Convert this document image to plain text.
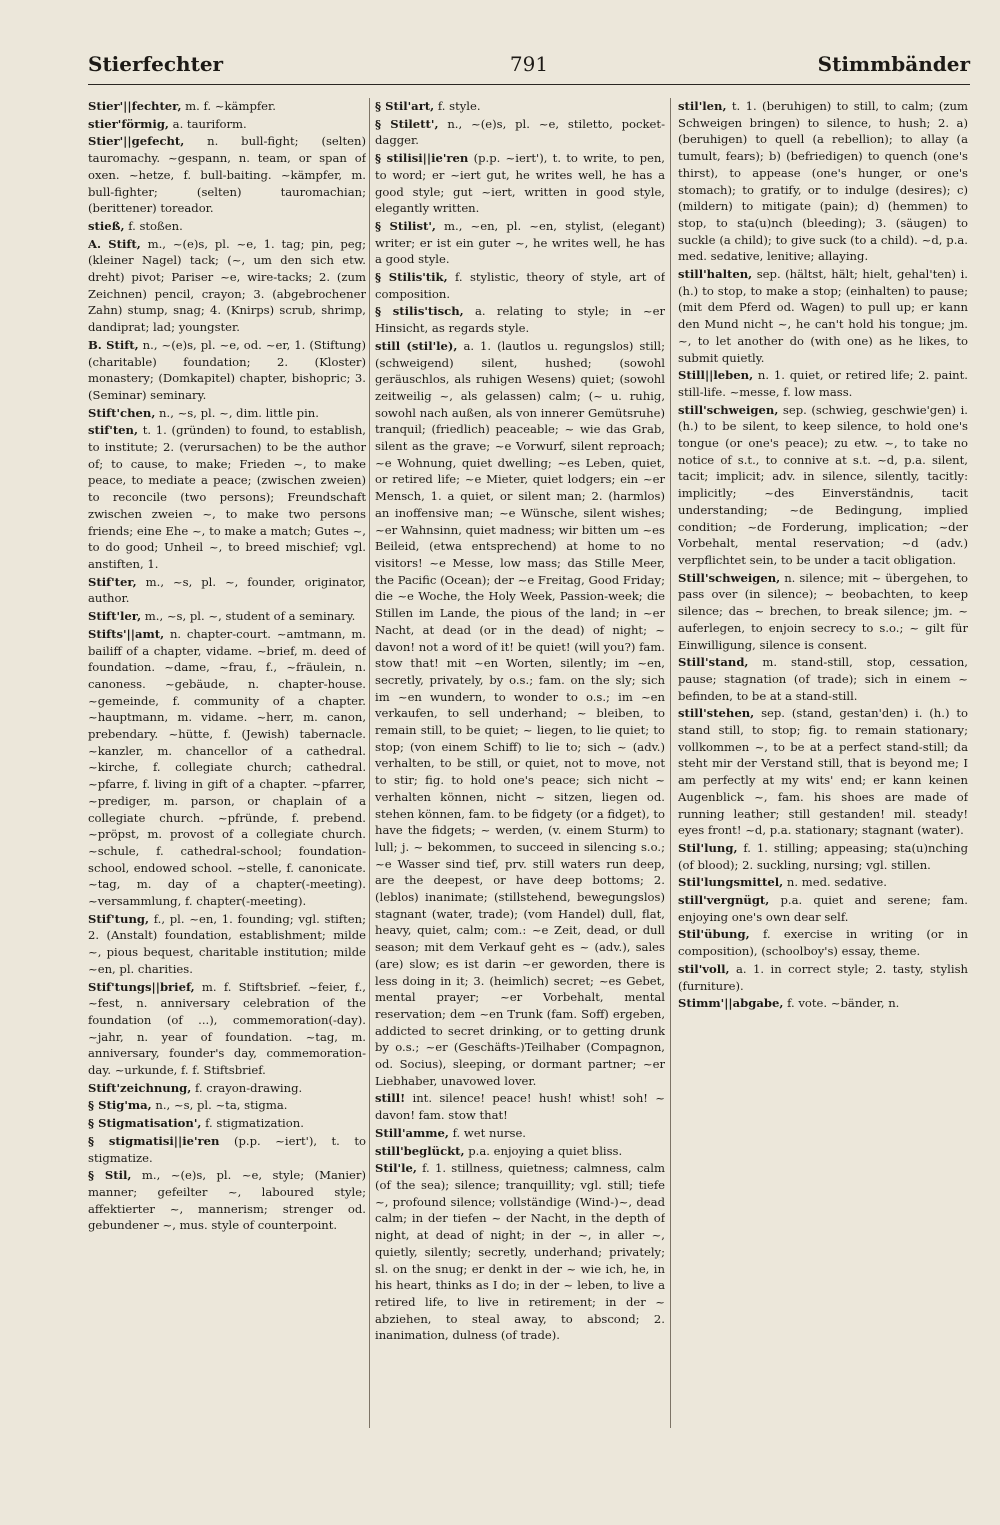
Stierfechter	791	Stimmbänder

Stier'||fechter, m. f. ~kämpfer.

stier'förmig, a. tauriform.

Stier'||gefecht, n. bull-fight; (selten) tauromachy. ~gespann, n. team, or span of oxen. ~hetze, f. bull-baiting. ~kämpfer, m. bull-fighter; (selten) tauromachian; (berittener) toreador.

stieß, f. stoßen.

A. Stift, m., ~(e)s, pl. ~e, 1. tag; pin, peg; (kleiner Nagel) tack; (~, um den sich etw. dreht) pivot; Pariser ~e, wire-tacks; 2. (zum Zeichnen) pencil, crayon; 3. (abgebrochener Zahn) stump, snag; 4. (Knirps) scrub, shrimp, dandiprat; lad; youngster.

B. Stift, n., ~(e)s, pl. ~e, od. ~er, 1. (Stiftung) (charitable) foundation; 2. (Kloster) monastery; (Domkapitel) chapter, bishopric; 3. (Seminar) seminary.

Stift'chen, n., ~s, pl. ~, dim. little pin.

stif'ten, t. 1. (gründen) to found, to establish, to institute; 2. (verursachen) to be the author of; to cause, to make; Frieden ~, to make peace, to mediate a peace; (zwischen zweien) to reconcile (two persons); Freundschaft zwischen zweien ~, to make two persons friends; eine Ehe ~, to make a match; Gutes ~, to do good; Unheil ~, to breed mischief; vgl. anstiften, 1.

Stif'ter, m., ~s, pl. ~, founder, originator, author.

Stift'ler, m., ~s, pl. ~, student of a seminary.

Stifts'||amt, n. chapter-court. ~amtmann, m. bailiff of a chapter, vidame. ~brief, m. deed of foundation. ~dame, ~frau, f., ~fräulein, n. canoness. ~gebäude, n. chapter-house. ~gemeinde, f. community of a chapter. ~hauptmann, m. vidame. ~herr, m. canon, prebendary. ~hütte, f. (Jewish) tabernacle. ~kanzler, m. chancellor of a cathedral. ~kirche, f. collegiate church; cathedral. ~pfarre, f. living in gift of a chapter. ~pfarrer, ~prediger, m. parson, or chaplain of a collegiate church. ~pfründe, f. prebend. ~pröpst, m. provost of a collegiate church. ~schule, f. cathedral-school; foundation-school, endowed school. ~stelle, f. canonicate. ~tag, m. day of a chapter(-meeting). ~versammlung, f. chapter(-meeting).

Stif'tung, f., pl. ~en, 1. founding; vgl. stiften; 2. (Anstalt) foundation, establishment; milde ~, pious bequest, charitable institution; milde ~en, pl. charities.

Stif'tungs||brief, m. f. Stiftsbrief. ~feier, f., ~fest, n. anniversary celebration of the foundation (of ...), commemoration(-day). ~jahr, n. year of foundation. ~tag, m. anniversary, founder's day, commemoration-day. ~urkunde, f. f. Stiftsbrief.

Stift'zeichnung, f. crayon-drawing.

§ Stig'ma, n., ~s, pl. ~ta, stigma.

§ Stigmatisation', f. stigmatization.

§ stigmatisi||ie'ren (p.p. ~iert'), t. to stigmatize.

§ Stil, m., ~(e)s, pl. ~e, style; (Manier) manner; gefeilter ~, laboured style; affektierter ~, mannerism; strenger od. gebundener ~, mus. style of counterpoint.

§ Stil'art, f. style.

§ Stilett', n., ~(e)s, pl. ~e, stiletto, pocket-dagger.

§ stilisi||ie'ren (p.p. ~iert'), t. to write, to pen, to word; er ~iert gut, he writes well, he has a good style; gut ~iert, written in good style, elegantly written.

§ Stilist', m., ~en, pl. ~en, stylist, (elegant) writer; er ist ein guter ~, he writes well, he has a good style.

§ Stilis'tik, f. stylistic, theory of style, art of composition.

§ stilis'tisch, a. relating to style; in ~er Hinsicht, as regards style.

still (stil'le), a. 1. (lautlos u. regungslos) still; (schweigend) silent, hushed; (sowohl geräuschlos, als ruhigen Wesens) quiet; (sowohl zeitweilig ~, als gelassen) calm; (~ u. ruhig, sowohl nach außen, als von innerer Gemütsruhe) tranquil; (friedlich) peaceable; ~ wie das Grab, silent as the grave; ~e Vorwurf, silent reproach; ~e Wohnung, quiet dwelling; ~es Leben, quiet, or retired life; ~e Mieter, quiet lodgers; ein ~er Mensch, 1. a quiet, or silent man; 2. (harmlos) an inoffensive man; ~e Wünsche, silent wishes; ~er Wahnsinn, quiet madness; wir bitten um ~es Beileid, (etwa entsprechend) at home to no visitors! ~e Messe, low mass; das Stille Meer, the Pacific (Ocean); der ~e Freitag, Good Friday; die ~e Woche, the Holy Week, Passion-week; die Stillen im Lande, the pious of the land; in ~er Nacht, at dead (or in the dead) of night; ~ davon! not a word of it! be quiet! (will you?) fam. stow that! mit ~en Worten, silently; im ~en, secretly, privately, by o.s.; fam. on the sly; sich im ~en wundern, to wonder to o.s.; im ~en verkaufen, to sell underhand; ~ bleiben, to remain still, to be quiet; ~ liegen, to lie quiet; to stop; (von einem Schiff) to lie to; sich ~ (adv.) verhalten, to be still, or quiet, not to move, not to stir; fig. to hold one's peace; sich nicht ~ verhalten können, nicht ~ sitzen, liegen od. stehen können, fam. to be fidgety (or a fidget), to have the fidgets; ~ werden, (v. einem Sturm) to lull; j. ~ bekommen, to succeed in silencing s.o.; ~e Wasser sind tief, prv. still waters run deep, are the deepest, or have deep bottoms; 2. (leblos) inanimate; (stillstehend, bewegungslos) stagnant (water, trade); (vom Handel) dull, flat, heavy, quiet, calm; com.: ~e Zeit, dead, or dull season; mit dem Verkauf geht es ~ (adv.), sales (are) slow; es ist darin ~er geworden, there is less doing in it; 3. (heimlich) secret; ~es Gebet, mental prayer; ~er Vorbehalt, mental reservation; dem ~en Trunk (fam. Soff) ergeben, addicted to secret drinking, or to getting drunk by o.s.; ~er (Geschäfts-)Teilhaber (Compagnon, od. Socius), sleeping, or dormant partner; ~er Liebhaber, unavowed lover.

still! int. silence! peace! hush! whist! soh! ~ davon! fam. stow that!

Still'amme, f. wet nurse.

still'beglückt, p.a. enjoying a quiet bliss.

Stil'le, f. 1. stillness, quietness; calmness, calm (of the sea); silence; tranquillity; vgl. still; tiefe ~, profound silence; vollständige (Wind-)~, dead calm; in der tiefen ~ der Nacht, in the depth of night, at dead of night; in der ~, in aller ~, quietly, silently; secretly, underhand; privately; sl. on the snug; er denkt in der ~ wie ich, he, in his heart, thinks as I do; in der ~ leben, to live a retired life, to live in retirement; in der ~ abziehen, to steal away, to abscond; 2. inanimation, dulness (of trade).

stil'len, t. 1. (beruhigen) to still, to calm; (zum Schweigen bringen) to silence, to hush; 2. a) (beruhigen) to quell (a rebellion); to allay (a tumult, fears); b) (befriedigen) to quench (one's thirst), to appease (one's hunger, or one's stomach); to gratify, or to indulge (desires); c) (mildern) to mitigate (pain); d) (hemmen) to stop, to sta(u)nch (bleeding); 3. (säugen) to suckle (a child); to give suck (to a child). ~d, p.a. med. sedative, lenitive; allaying.

still'halten, sep. (hältst, hält; hielt, gehal'ten) i. (h.) to stop, to make a stop; (einhalten) to pause; (mit dem Pferd od. Wagen) to pull up; er kann den Mund nicht ~, he can't hold his tongue; jm. ~, to let another do (with one) as he likes, to submit quietly.

Still||leben, n. 1. quiet, or retired life; 2. paint. still-life. ~messe, f. low mass.

still'schweigen, sep. (schwieg, geschwie'gen) i. (h.) to be silent, to keep silence, to hold one's tongue (or one's peace); zu etw. ~, to take no notice of s.t., to connive at s.t. ~d, p.a. silent, tacit; implicit; adv. in silence, silently, tacitly: implicitly; ~des Einverständnis, tacit understanding; ~de Bedingung, implied condition; ~de Forderung, implication; ~der Vorbehalt, mental reservation; ~d (adv.) verpflichtet sein, to be under a tacit obligation.

Still'schweigen, n. silence; mit ~ übergehen, to pass over (in silence); ~ beobachten, to keep silence; das ~ brechen, to break silence; jm. ~ auferlegen, to enjoin secrecy to s.o.; ~ gilt für Einwilligung, silence is consent.

Still'stand, m. stand-still, stop, cessation, pause; stagnation (of trade); sich in einem ~ befinden, to be at a stand-still.

still'stehen, sep. (stand, gestan'den) i. (h.) to stand still, to stop; fig. to remain stationary; vollkommen ~, to be at a perfect stand-still; da steht mir der Verstand still, that is beyond me; I am perfectly at my wits' end; er kann keinen Augenblick ~, fam. his shoes are made of running leather; still gestanden! mil. steady! eyes front! ~d, p.a. stationary; stagnant (water).

Stil'lung, f. 1. stilling; appeasing; sta(u)nching (of blood); 2. suckling, nursing; vgl. stillen.

Stil'lungsmittel, n. med. sedative.

still'vergnügt, p.a. quiet and serene; fam. enjoying one's own dear self.

Stil'übung, f. exercise in writing (or in composition), (schoolboy's) essay, theme.

stil'voll, a. 1. in correct style; 2. tasty, stylish (furniture).

Stimm'||abgabe, f. vote. ~bänder, n.
